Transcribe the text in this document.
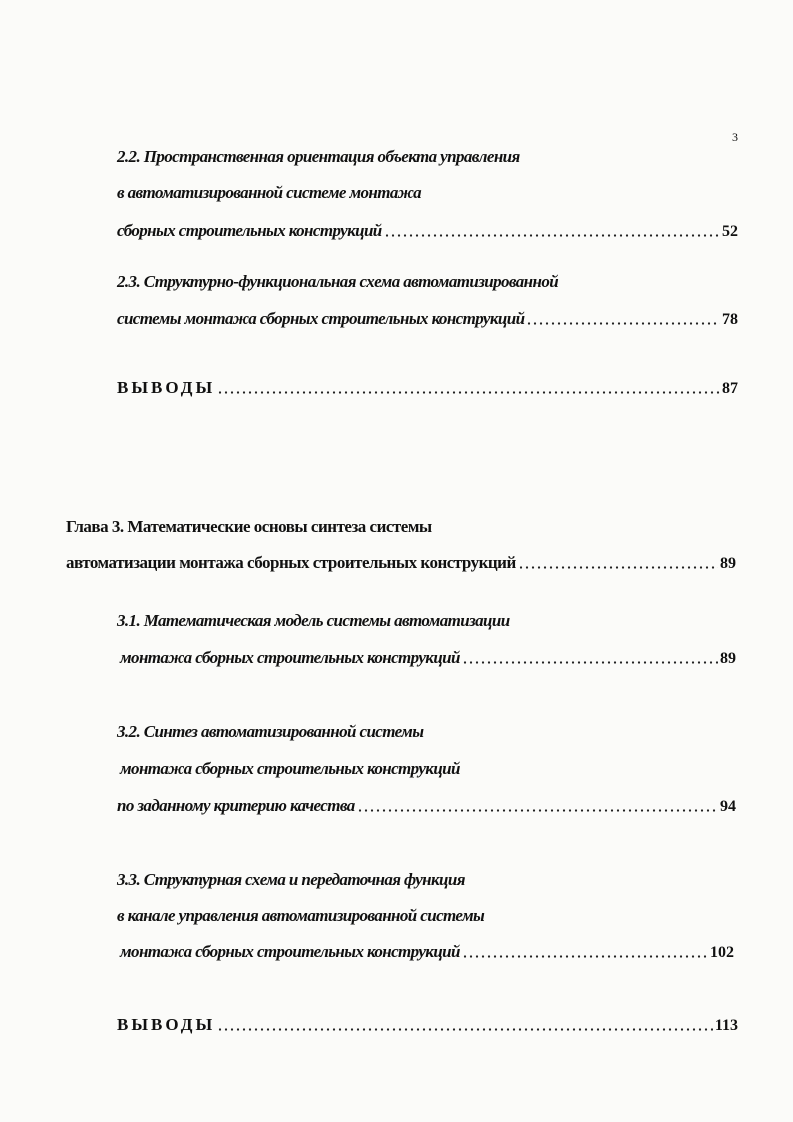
3
2.2. Пространственная ориентация объекта управления
в автоматизированной системе монтажа
сборных строительных конструкций	52
2.3. Структурно-функциональная схема автоматизированной
системы монтажа сборных строительных конструкций	78
ВЫВОДЫ	87
Глава 3. Математические основы синтеза системы
автоматизации монтажа сборных строительных конструкций	89
3.1. Математическая модель системы автоматизации
монтажа сборных строительных конструкций	89
3.2. Синтез автоматизированной системы
монтажа сборных строительных конструкций
по заданному критерию качества	94
3.3. Структурная схема и передаточная функция
в канале управления автоматизированной системы
монтажа сборных строительных конструкций	102
ВЫВОДЫ	113
